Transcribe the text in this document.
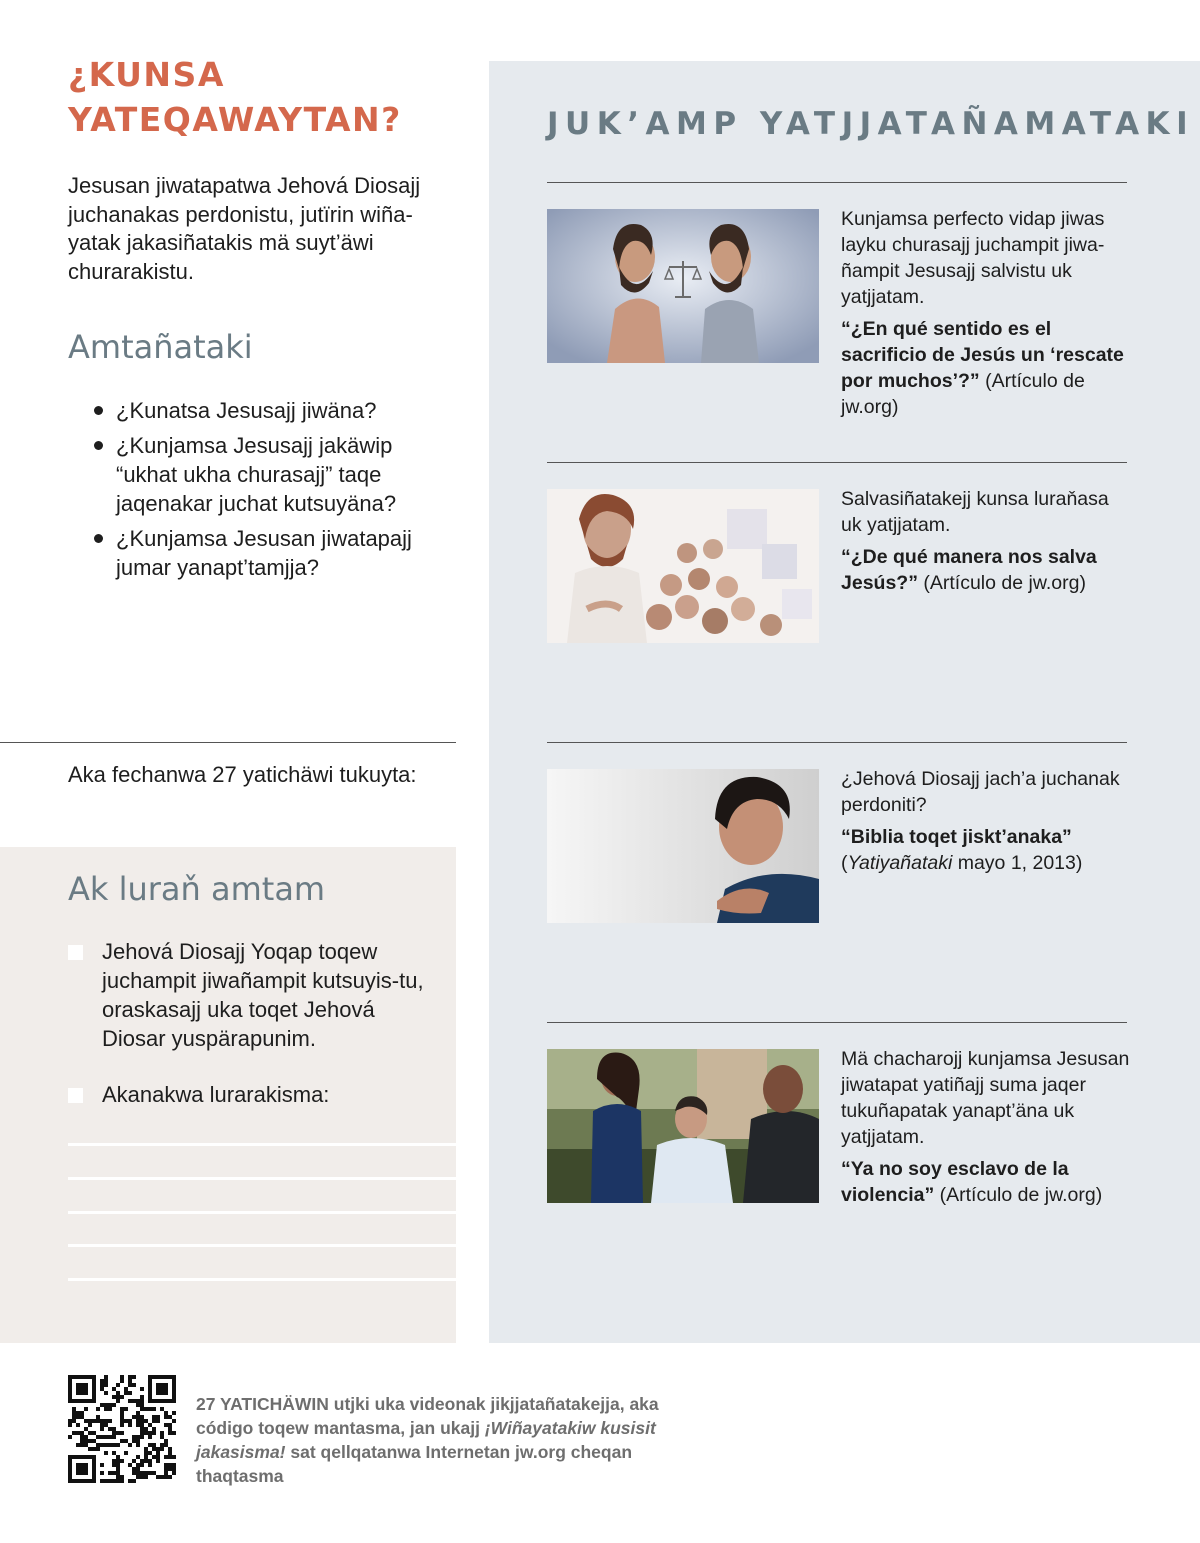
¿KUNSA YATEQAWAYTAN?
Jesusan jiwatapatwa Jehová Diosajj juchanakas perdonistu, jutïrin wiña-yatak jakasiñatakis mä suyt’äwi churarakistu.
Amtañataki
¿Kunatsa Jesusajj jiwäna?
¿Kunjamsa Jesusajj jakäwip “ukhat ukha churasajj” taqe jaqenakar juchat kutsuyäna?
¿Kunjamsa Jesusan jiwatapajj jumar yanapt’tamjja?
Aka fechanwa 27 yatichäwi tukuyta:
Ak luraň amtam
Jehová Diosajj Yoqap toqew juchampit jiwañampit kutsuyis-tu, oraskasajj uka toqet Jehová Diosar yuspärapunim.
Akanakwa lurarakisma:
JUK’AMP YATJJATAÑAMATAKI

Kunjamsa perfecto vidap jiwas layku churasajj juchampit jiwa-ñampit Jesusajj salvistu uk yatjjatam.

“¿En qué sentido es el sacrificio de Jesús un ‘rescate por muchos’?” (Artículo de jw.org)

Salvasiñatakejj kunsa luraňasa uk yatjjatam.

“¿De qué manera nos salva Jesús?” (Artículo de jw.org)

¿Jehová Diosajj jach’a juchanak perdoniti?

“Biblia toqet jiskt’anaka”
(Yatiyañataki mayo 1, 2013)

Mä chacharojj kunjamsa Jesusan jiwatapat yatiñajj suma jaqer tukuñapatak yanapt’äna uk yatjjatam.

“Ya no soy esclavo de la violencia” (Artículo de jw.org)

27 YATICHÄWIN utjki uka videonak jikjjatañatakejja, aka código toqew mantasma, jan ukajj ¡Wiñayatakiw kusisit jakasisma! sat qellqatanwa Internetan jw.org cheqan thaqtasma
